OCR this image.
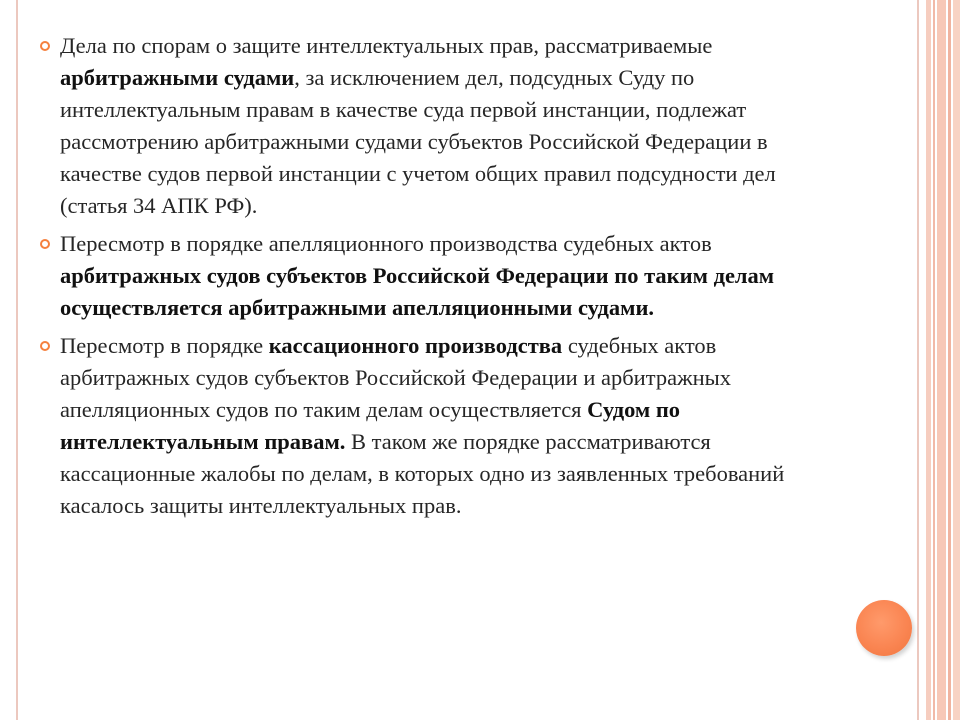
Дела по спорам о защите интеллектуальных прав, рассматриваемые арбитражными судами, за исключением дел, подсудных Суду по интеллектуальным правам в качестве суда первой инстанции, подлежат рассмотрению арбитражными судами субъектов Российской Федерации в качестве судов первой инстанции с учетом общих правил подсудности дел (статья 34 АПК РФ).
Пересмотр в порядке апелляционного производства судебных актов арбитражных судов субъектов Российской Федерации по таким делам осуществляется арбитражными апелляционными судами.
Пересмотр в порядке кассационного производства судебных актов арбитражных судов субъектов Российской Федерации и арбитражных апелляционных судов по таким делам осуществляется Судом по интеллектуальным правам. В таком же порядке рассматриваются кассационные жалобы по делам, в которых одно из заявленных требований касалось защиты интеллектуальных прав.
